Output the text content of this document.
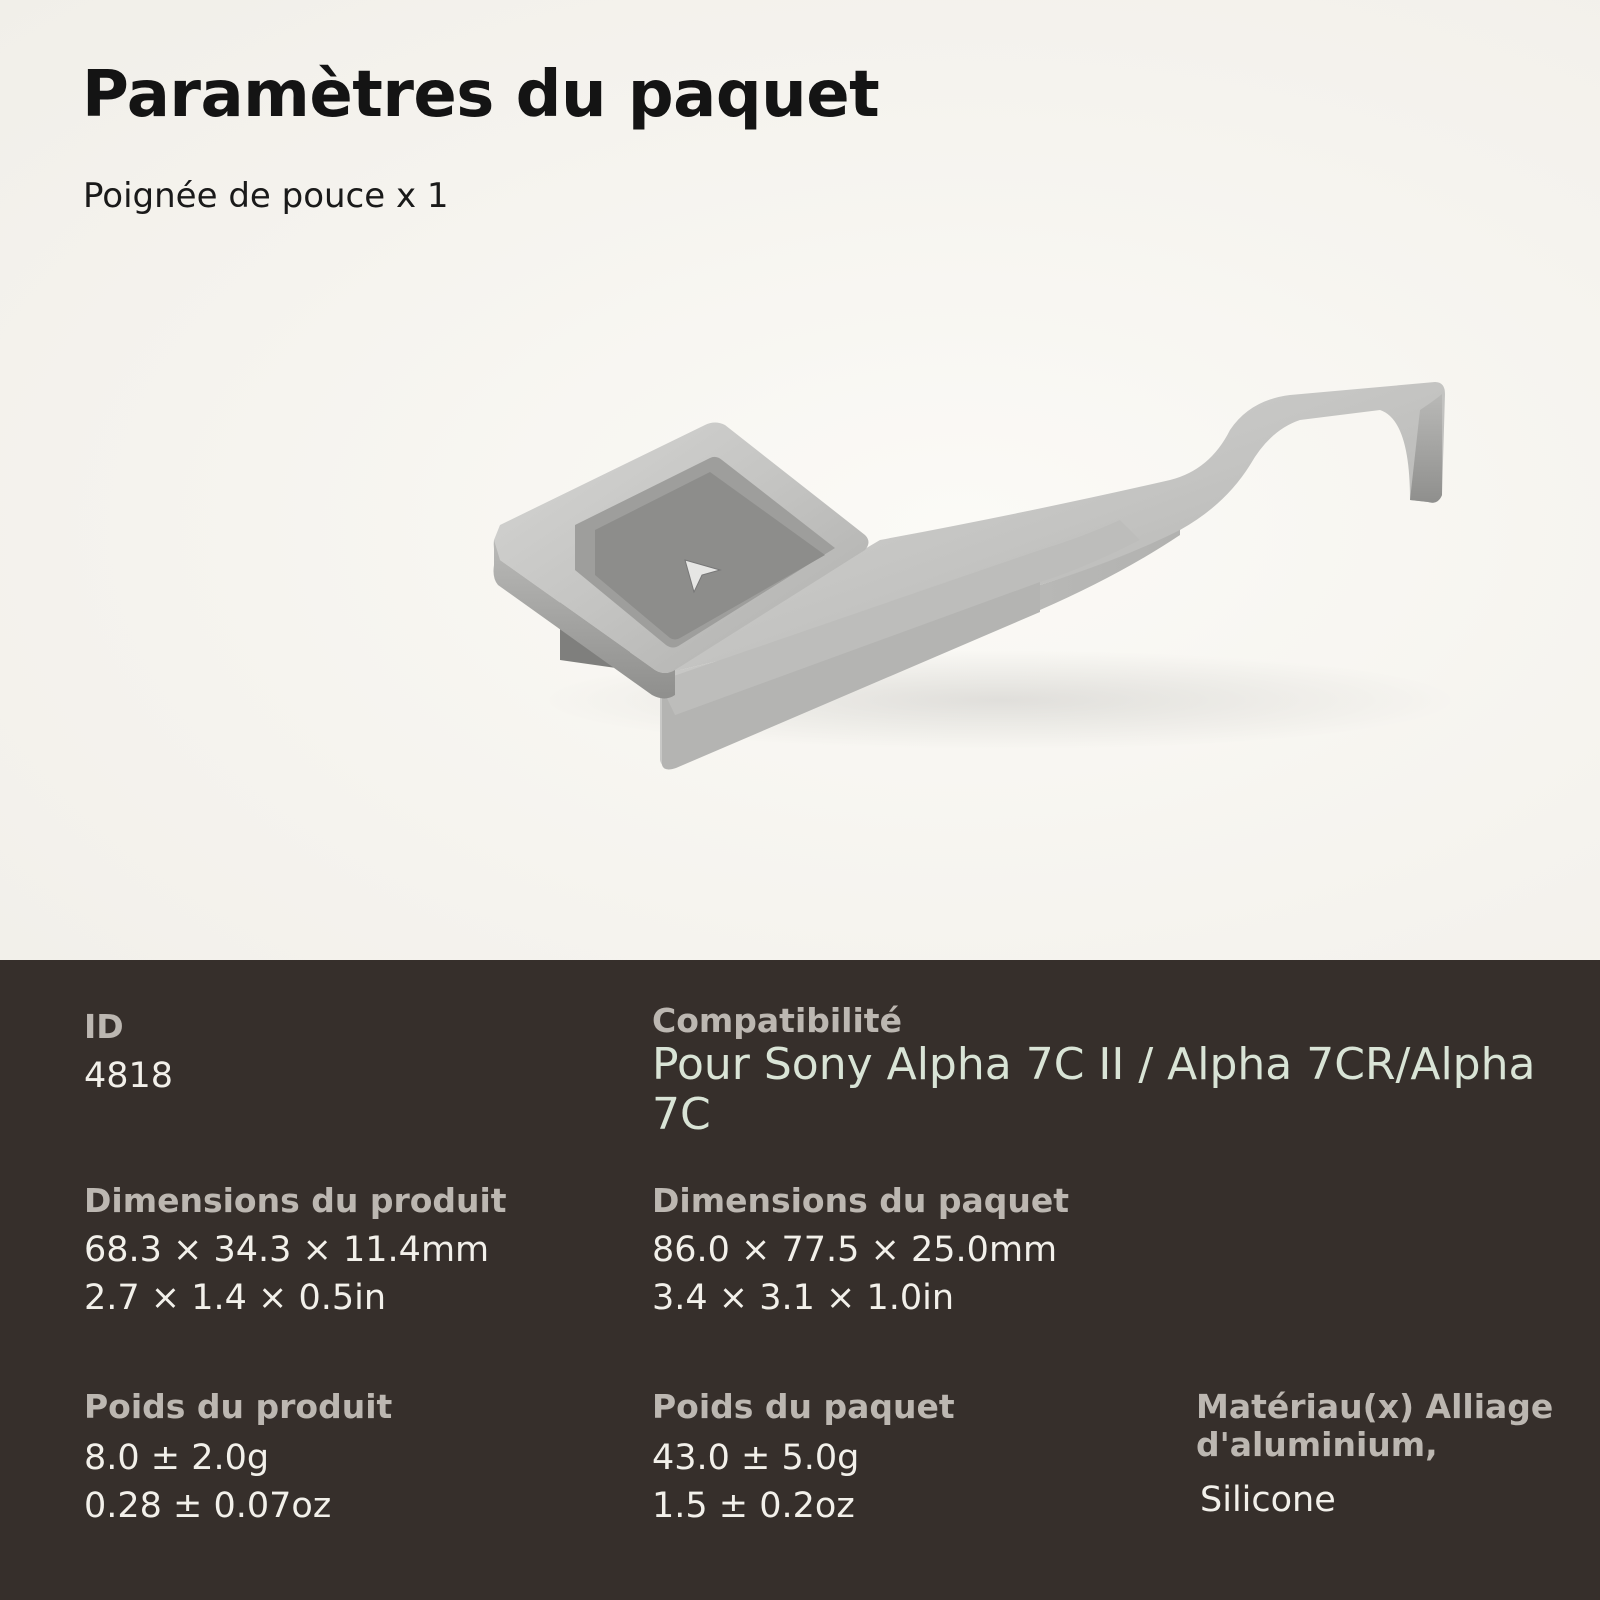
Paramètres du paquet
Poignée de pouce x 1
ID
4818
Compatibilité
Pour Sony Alpha 7C II / Alpha 7CR/Alpha 7C
Dimensions du produit
68.3 × 34.3 × 11.4mm
2.7 × 1.4 × 0.5in
Dimensions du paquet
86.0 × 77.5 × 25.0mm
3.4 × 3.1 × 1.0in
Poids du produit
8.0 ± 2.0g
0.28 ± 0.07oz
Poids du paquet
43.0 ± 5.0g
1.5 ± 0.2oz
Matériau(x) Alliage d'aluminium,
Silicone
